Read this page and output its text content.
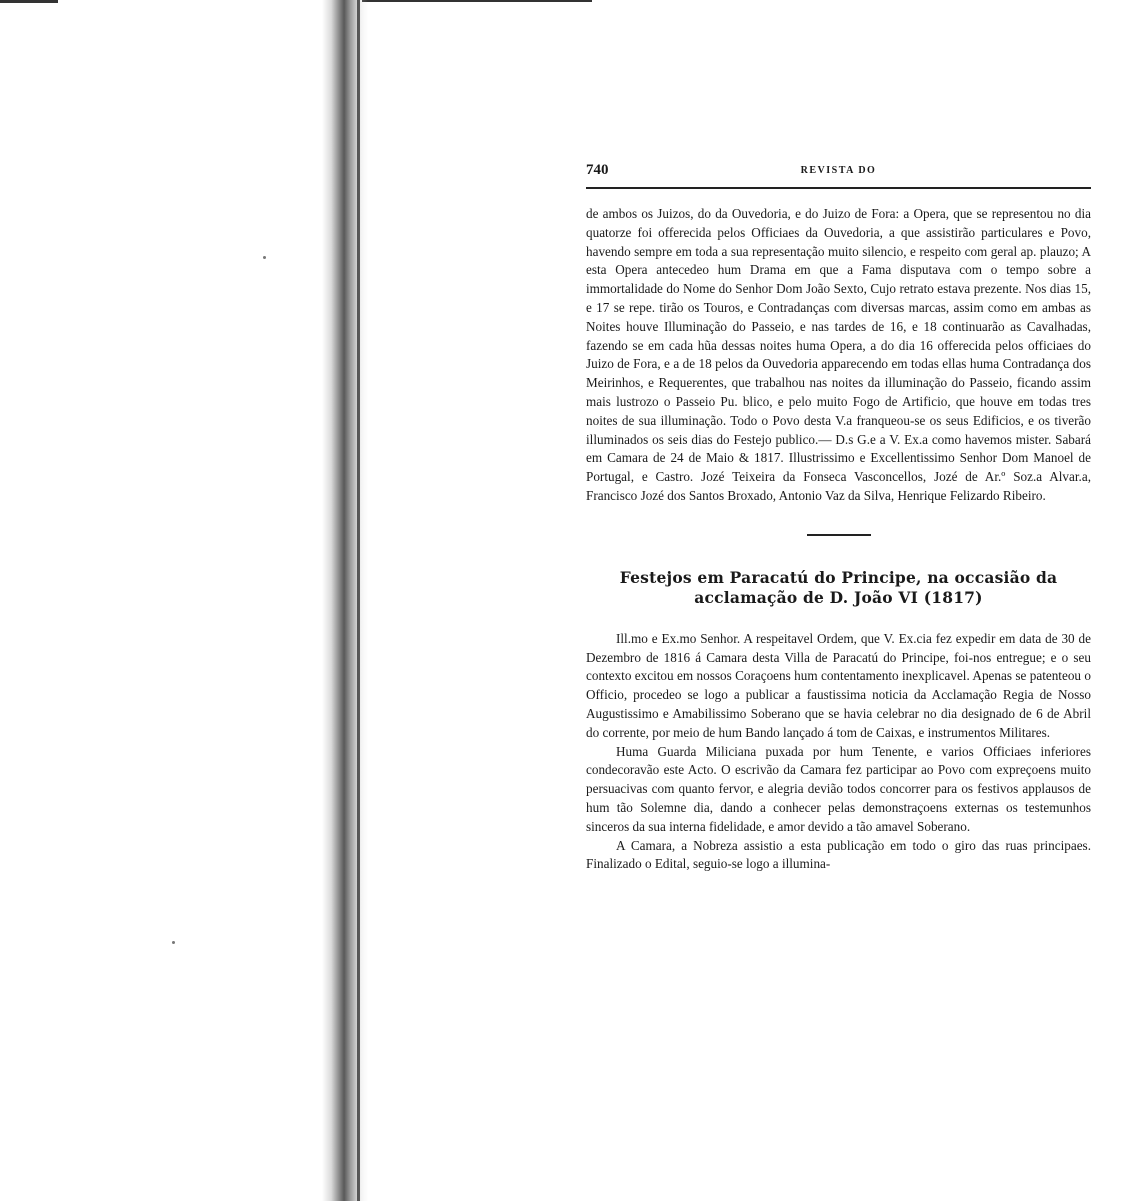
740	REVISTA DO

de ambos os Juizos, do da Ouvedoria, e do Juizo de Fora: a Opera, que se representou no dia quatorze foi offerecida pelos Officiaes da Ouvedoria, a que assistirão particulares e Povo, havendo sempre em toda a sua representação muito silencio, e respeito com geral ap. plauzo; A esta Opera antecedeo hum Drama em que a Fama disputava com o tempo sobre a immortalidade do Nome do Senhor Dom João Sexto, Cujo retrato estava prezente. Nos dias 15, e 17 se repe. tirão os Touros, e Contradanças com diversas marcas, assim como em ambas as Noites houve Illuminação do Passeio, e nas tardes de 16, e 18 continuarão as Cavalhadas, fazendo se em cada hũa dessas noites huma Opera, a do dia 16 offerecida pelos officiaes do Juizo de Fora, e a de 18 pelos da Ouvedoria apparecendo em todas ellas huma Contradança dos Meirinhos, e Requerentes, que trabalhou nas noites da illuminação do Passeio, ficando assim mais lustrozo o Passeio Pu. blico, e pelo muito Fogo de Artificio, que houve em todas tres noites de sua illuminação. Todo o Povo desta V.a franqueou-se os seus Edificios, e os tiverão illuminados os seis dias do Festejo publico.— D.s G.e a V. Ex.a como havemos mister. Sabará em Camara de 24 de Maio & 1817. Illustrissimo e Excellentissimo Senhor Dom Manoel de Portugal, e Castro. Jozé Teixeira da Fonseca Vasconcellos, Jozé de Ar.º Soz.a Alvar.a, Francisco Jozé dos Santos Broxado, Antonio Vaz da Silva, Henrique Felizardo Ribeiro.

Festejos em Paracatú do Principe, na occasião da
acclamação de D. João VI (1817)

Ill.mo e Ex.mo Senhor. A respeitavel Ordem, que V. Ex.cia fez expedir em data de 30 de Dezembro de 1816 á Camara desta Villa de Paracatú do Principe, foi-nos entregue; e o seu contexto excitou em nossos Coraçoens hum contentamento inexplicavel. Apenas se patenteou o Officio, procedeo se logo a publicar a faustissima noticia da Acclamação Regia de Nosso Augustissimo e Amabilissimo Soberano que se havia celebrar no dia designado de 6 de Abril do corrente, por meio de hum Bando lançado á tom de Caixas, e instrumentos Militares.

Huma Guarda Miliciana puxada por hum Tenente, e varios Officiaes inferiores condecoravão este Acto. O escrivão da Camara fez participar ao Povo com expreçoens muito persuacivas com quanto fervor, e alegria devião todos concorrer para os festivos applausos de hum tão Solemne dia, dando a conhecer pelas demonstraçoens externas os testemunhos sinceros da sua interna fidelidade, e amor devido a tão amavel Soberano.

A Camara, a Nobreza assistio a esta publicação em todo o giro das ruas principaes. Finalizado o Edital, seguio-se logo a illumina-
